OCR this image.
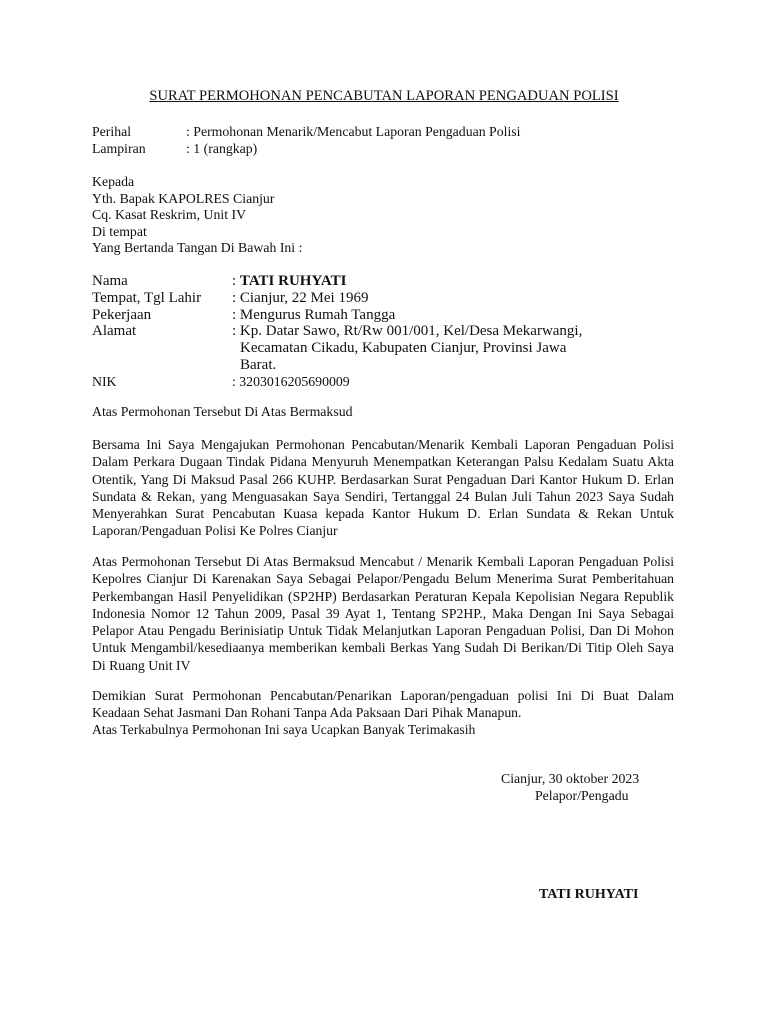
SURAT PERMOHONAN PENCABUTAN LAPORAN PENGADUAN POLISI
Perihal	: Permohonan Menarik/Mencabut Laporan Pengaduan Polisi
Lampiran	: 1 (rangkap)
Kepada
Yth. Bapak KAPOLRES Cianjur
Cq. Kasat Reskrim, Unit IV
Di tempat
Yang Bertanda Tangan Di Bawah Ini :
Nama	: TATI RUHYATI
Tempat, Tgl Lahir	: Cianjur, 22 Mei 1969
Pekerjaan	: Mengurus Rumah Tangga
Alamat	: Kp. Datar Sawo, Rt/Rw 001/001, Kel/Desa Mekarwangi,
Kecamatan Cikadu, Kabupaten Cianjur, Provinsi Jawa
Barat.
NIK	: 3203016205690009
Atas Permohonan Tersebut Di Atas Bermaksud
Bersama Ini Saya Mengajukan Permohonan Pencabutan/Menarik Kembali Laporan Pengaduan Polisi Dalam Perkara Dugaan Tindak Pidana Menyuruh Menempatkan Keterangan Palsu Kedalam Suatu Akta Otentik, Yang Di Maksud Pasal 266 KUHP. Berdasarkan Surat Pengaduan Dari Kantor Hukum D. Erlan Sundata & Rekan, yang Menguasakan Saya Sendiri, Tertanggal 24 Bulan Juli Tahun 2023 Saya Sudah Menyerahkan Surat Pencabutan Kuasa kepada Kantor Hukum D. Erlan Sundata & Rekan Untuk Laporan/Pengaduan Polisi Ke Polres Cianjur
Atas Permohonan Tersebut Di Atas Bermaksud Mencabut / Menarik Kembali Laporan Pengaduan Polisi Kepolres Cianjur Di Karenakan Saya Sebagai Pelapor/Pengadu Belum Menerima Surat Pemberitahuan Perkembangan Hasil Penyelidikan (SP2HP) Berdasarkan Peraturan Kepala Kepolisian Negara Republik Indonesia Nomor 12 Tahun 2009, Pasal 39 Ayat 1, Tentang SP2HP., Maka Dengan Ini Saya Sebagai Pelapor Atau Pengadu Berinisiatip Untuk Tidak Melanjutkan Laporan Pengaduan Polisi, Dan Di Mohon Untuk Mengambil/kesediaanya memberikan kembali Berkas Yang Sudah Di Berikan/Di Titip Oleh Saya Di Ruang Unit IV
Demikian Surat Permohonan Pencabutan/Penarikan Laporan/pengaduan polisi Ini Di Buat Dalam Keadaan Sehat Jasmani Dan Rohani Tanpa Ada Paksaan Dari Pihak Manapun.
Atas Terkabulnya Permohonan Ini saya Ucapkan Banyak Terimakasih
Cianjur, 30 oktober 2023
Pelapor/Pengadu
TATI RUHYATI
